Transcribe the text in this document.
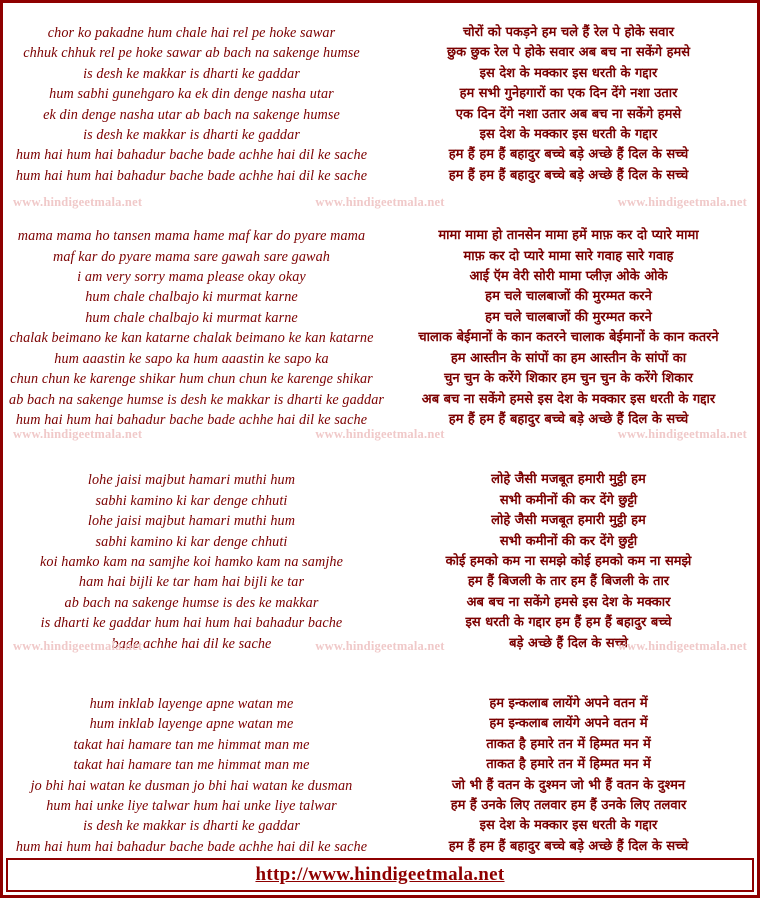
chor ko pakadne hum chale hai rel pe hoke sawar
chhuk chhuk rel pe hoke sawar ab bach na sakenge humse
is desh ke makkar is dharti ke gaddar
hum sabhi gunehgaro ka ek din denge nasha utar
ek din denge nasha utar ab bach na sakenge humse
is desh ke makkar is dharti ke gaddar
hum hai hum hai bahadur bache bade achhe hai dil ke sache
hum hai hum hai bahadur bache bade achhe hai dil ke sache
चोरों को पकड़ने हम चले हैं रेल पे होके सवार
छुक छुक रेल पे होके सवार अब बच ना सकेंगे हमसे
इस देश के मक्कार इस धरती के गद्दार
हम सभी गुनेहगारों का एक दिन देंगे नशा उतार
एक दिन देंगे नशा उतार अब बच ना सकेंगे हमसे
इस देश के मक्कार इस धरती के गद्दार
हम हैं हम हैं बहादुर बच्चे बड़े अच्छे हैं दिल के सच्चे
हम हैं हम हैं बहादुर बच्चे बड़े अच्छे हैं दिल के सच्चे
mama mama ho tansen mama hame maf kar do pyare mama
maf kar do pyare mama sare gawah sare gawah
i am very sorry mama please okay okay
hum chale chalbajo ki murmat karne
hum chale chalbajo ki murmat karne
chalak beimano ke kan katarne chalak beimano ke kan katarne
hum aaastin ke sapo ka hum aaastin ke sapo ka
chun chun ke karenge shikar hum chun chun ke karenge shikar
ab bach na sakenge humse is desh ke makkar is dharti ke gaddar
hum hai hum hai bahadur bache bade achhe hai dil ke sache
मामा मामा हो तानसेन मामा हमें माफ़ कर दो प्यारे मामा
माफ़ कर दो प्यारे मामा सारे गवाह सारे गवाह
आई ऍम वेरी सोरी मामा प्लीज़ ओके ओके
हम चले चालबाजों की मुरम्मत करने
हम चले चालबाजों की मुरम्मत करने
चालाक बेईमानों के कान कतरने चालाक बेईमानों के कान कतरने
हम आस्तीन के सांपों का हम आस्तीन के सांपों का
चुन चुन के करेंगे शिकार हम चुन चुन के करेंगे शिकार
अब बच ना सकेंगे हमसे इस देश के मक्कार इस धरती के गद्दार
हम हैं हम हैं बहादुर बच्चे बड़े अच्छे हैं दिल के सच्चे
lohe jaisi majbut hamari muthi hum
sabhi kamino ki kar denge chhuti
lohe jaisi majbut hamari muthi hum
sabhi kamino ki kar denge chhuti
koi hamko kam na samjhe koi hamko kam na samjhe
ham hai bijli ke tar ham hai bijli ke tar
ab bach na sakenge humse is des ke makkar
is dharti ke gaddar hum hai hum hai bahadur bache
bade achhe hai dil ke sache
लोहे जैसी मजबूत हमारी मुट्ठी हम
सभी कमीनों की कर देंगे छुट्टी
लोहे जैसी मजबूत हमारी मुट्ठी हम
सभी कमीनों की कर देंगे छुट्टी
कोई हमको कम ना समझे कोई हमको कम ना समझे
हम हैं बिजली के तार हम हैं बिजली के तार
अब बच ना सकेंगे हमसे इस देश के मक्कार
इस धरती के गद्दार हम हैं हम हैं बहादुर बच्चे
बड़े अच्छे हैं दिल के सच्चे
hum inklab layenge apne watan me
hum inklab layenge apne watan me
takat hai hamare tan me himmat man me
takat hai hamare tan me himmat man me
jo bhi hai watan ke dusman jo bhi hai watan ke dusman
hum hai unke liye talwar hum hai unke liye talwar
is desh ke makkar is dharti ke gaddar
hum hai hum hai bahadur bache bade achhe hai dil ke sache
हम इन्कलाब लायेंगे अपने वतन में
हम इन्कलाब लायेंगे अपने वतन में
ताकत है हमारे तन में हिम्मत मन में
ताकत है हमारे तन में हिम्मत मन में
जो भी हैं वतन के दुश्मन जो भी हैं वतन के दुश्मन
हम हैं उनके लिए तलवार हम हैं उनके लिए तलवार
इस देश के मक्कार इस धरती के गद्दार
हम हैं हम हैं बहादुर बच्चे बड़े अच्छे हैं दिल के सच्चे
www.hindigeetmala.net	www.hindigeetmala.net	www.hindigeetmala.net
www.hindigeetmala.net	www.hindigeetmala.net	www.hindigeetmala.net
www.hindigeetmala.net	www.hindigeetmala.net	www.hindigeetmala.net
http://www.hindigeetmala.net
